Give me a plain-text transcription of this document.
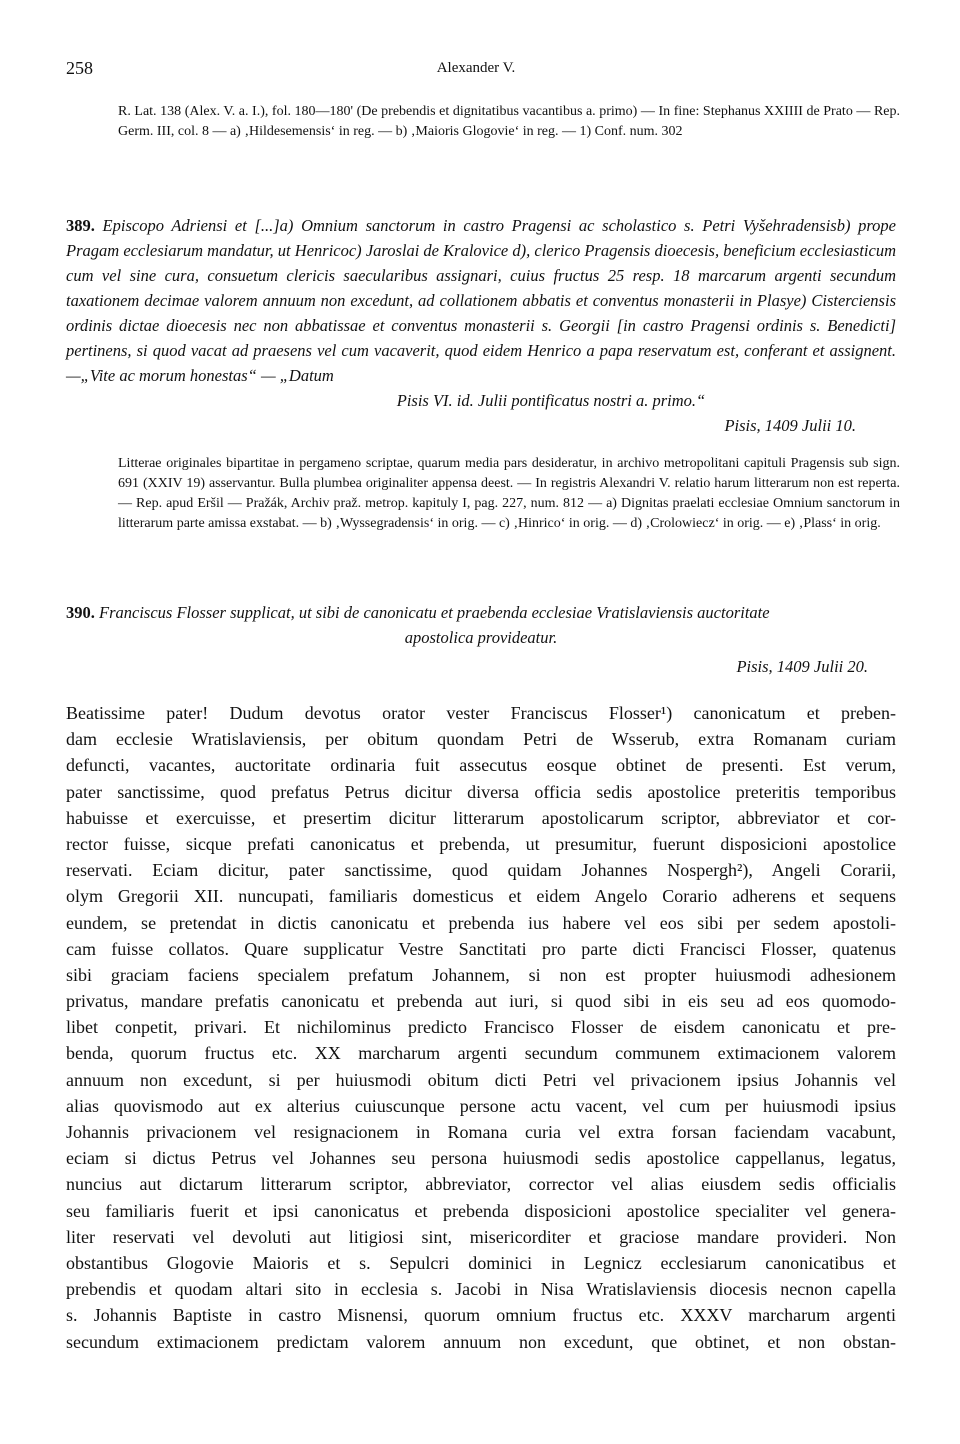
258	Alexander V.
R. Lat. 138 (Alex. V. a. I.), fol. 180—180' (De prebendis et dignitatibus vacantibus a. primo) — In fine: Stephanus XXIIII de Prato — Rep. Germ. III, col. 8 — a) ‚Hildesemensis‘ in reg. — b) ‚Maioris Glogovie‘ in reg. — 1) Conf. num. 302
389. Episcopo Adriensi et [...]a) Omnium sanctorum in castro Pragensi ac scholastico s. Petri Vyšehradensisb) prope Pragam ecclesiarum mandatur, ut Henricoc) Jaroslai de Kralovice d), clerico Pragensis dioecesis, beneficium ecclesiasticum cum vel sine cura, consuetum clericis saecularibus assignari, cuius fructus 25 resp. 18 marcarum argenti secundum taxationem decimae valorem annuum non excedunt, ad collationem abbatis et conventus monasterii in Plasye) Cisterciensis ordinis dictae dioecesis nec non abbatissae et conventus monasterii s. Georgii [in castro Pragensi ordinis s. Benedicti] pertinens, si quod vacat ad praesens vel cum vacaverit, quod eidem Henrico a papa reservatum est, conferant et assignent. —„Vite ac morum honestas“ — „Datum
Pisis VI. id. Julii pontificatus nostri a. primo.“
Pisis, 1409 Julii 10.
Litterae originales bipartitae in pergameno scriptae, quarum media pars desideratur, in archivo metropolitani capituli Pragensis sub sign. 691 (XXIV 19) asservantur. Bulla plumbea originaliter appensa deest. — In registris Alexandri V. relatio harum litterarum non est reperta. — Rep. apud Eršil — Pražák, Archiv praž. metrop. kapituly I, pag. 227, num. 812 — a) Dignitas praelati ecclesiae Omnium sanctorum in litterarum parte amissa exstabat. — b) ‚Wyssegradensis‘ in orig. — c) ‚Hinrico‘ in orig. — d) ‚Crolowiecz‘ in orig. — e) ‚Plass‘ in orig.
390. Franciscus Flosser supplicat, ut sibi de canonicatu et praebenda ecclesiae Vratislaviensis auctoritate
apostolica provideatur.
Pisis, 1409 Julii 20.
Beatissime pater! Dudum devotus orator vester Franciscus Flosser¹) canonicatum et preben-
dam ecclesie Wratislaviensis, per obitum quondam Petri de Wsserub, extra Romanam curiam
defuncti, vacantes, auctoritate ordinaria fuit assecutus eosque obtinet de presenti. Est verum,
pater sanctissime, quod prefatus Petrus dicitur diversa officia sedis apostolice preteritis temporibus
habuisse et exercuisse, et presertim dicitur litterarum apostolicarum scriptor, abbreviator et cor-
rector fuisse, sicque prefati canonicatus et prebenda, ut presumitur, fuerunt disposicioni apostolice
reservati. Eciam dicitur, pater sanctissime, quod quidam Johannes Nospergh²), Angeli Corarii,
olym Gregorii XII. nuncupati, familiaris domesticus et eidem Angelo Corario adherens et sequens
eundem, se pretendat in dictis canonicatu et prebenda ius habere vel eos sibi per sedem apostoli-
cam fuisse collatos. Quare supplicatur Vestre Sanctitati pro parte dicti Francisci Flosser, quatenus
sibi graciam faciens specialem prefatum Johannem, si non est propter huiusmodi adhesionem
privatus, mandare prefatis canonicatu et prebenda aut iuri, si quod sibi in eis seu ad eos quomodo-
libet conpetit, privari. Et nichilominus predicto Francisco Flosser de eisdem canonicatu et pre-
benda, quorum fructus etc. XX marcharum argenti secundum communem extimacionem valorem
annuum non excedunt, si per huiusmodi obitum dicti Petri vel privacionem ipsius Johannis vel
alias quovismodo aut ex alterius cuiuscunque persone actu vacent, vel cum per huiusmodi ipsius
Johannis privacionem vel resignacionem in Romana curia vel extra forsan faciendam vacabunt,
eciam si dictus Petrus vel Johannes seu persona huiusmodi sedis apostolice cappellanus, legatus,
nuncius aut dictarum litterarum scriptor, abbreviator, corrector vel alias eiusdem sedis officialis
seu familiaris fuerit et ipsi canonicatus et prebenda disposicioni apostolice specialiter vel genera-
liter reservati vel devoluti aut litigiosi sint, misericorditer et graciose mandare provideri. Non
obstantibus Glogovie Maioris et s. Sepulcri dominici in Legnicz ecclesiarum canonicatibus et
prebendis et quodam altari sito in ecclesia s. Jacobi in Nisa Wratislaviensis diocesis necnon capella
s. Johannis Baptiste in castro Misnensi, quorum omnium fructus etc. XXXV marcharum argenti
secundum extimacionem predictam valorem annuum non excedunt, que obtinet, et non obstan-
